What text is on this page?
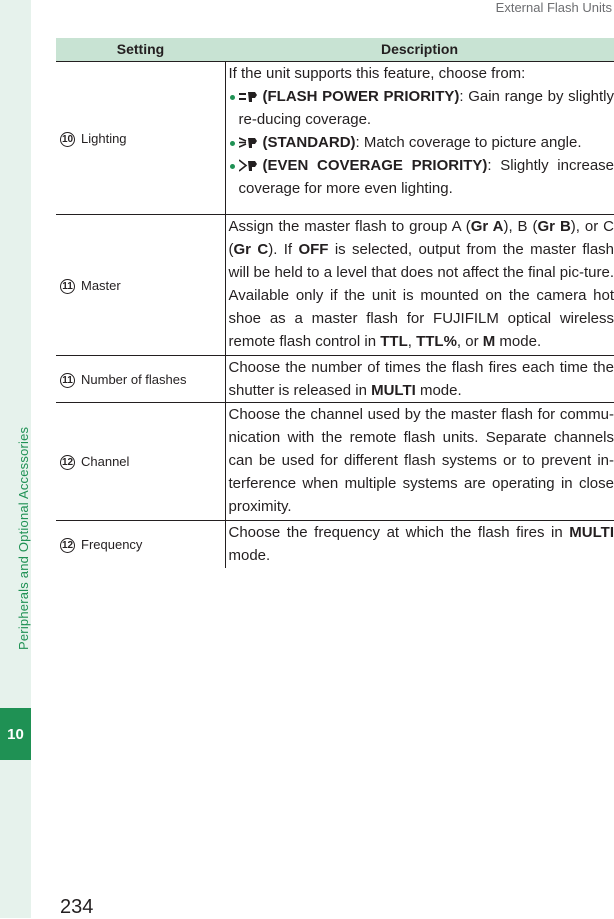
Peripherals and Optional Accessories
10
External Flash Units
Setting	Description
10 Lighting	If the unit supports this feature, choose from:
(FLASH POWER PRIORITY): Gain range by slightly re-ducing coverage.
(STANDARD): Match coverage to picture angle.
(EVEN COVERAGE PRIORITY): Slightly increase coverage for more even lighting.

11 Master	Assign the master flash to group A (Gr A), B (Gr B), or C (Gr C). If OFF is selected, output from the master flash will be held to a level that does not affect the final pic-ture. Available only if the unit is mounted on the camera hot shoe as a master flash for FUJIFILM optical wireless remote flash control in TTL, TTL%, or M mode.
11 Number of flashes	Choose the number of times the flash fires each time the shutter is released in MULTI mode.
12 Channel	Choose the channel used by the master flash for commu-nication with the remote flash units. Separate channels can be used for different flash systems or to prevent in-terference when multiple systems are operating in close proximity.
12 Frequency	Choose the frequency at which the flash fires in MULTI mode.
234
